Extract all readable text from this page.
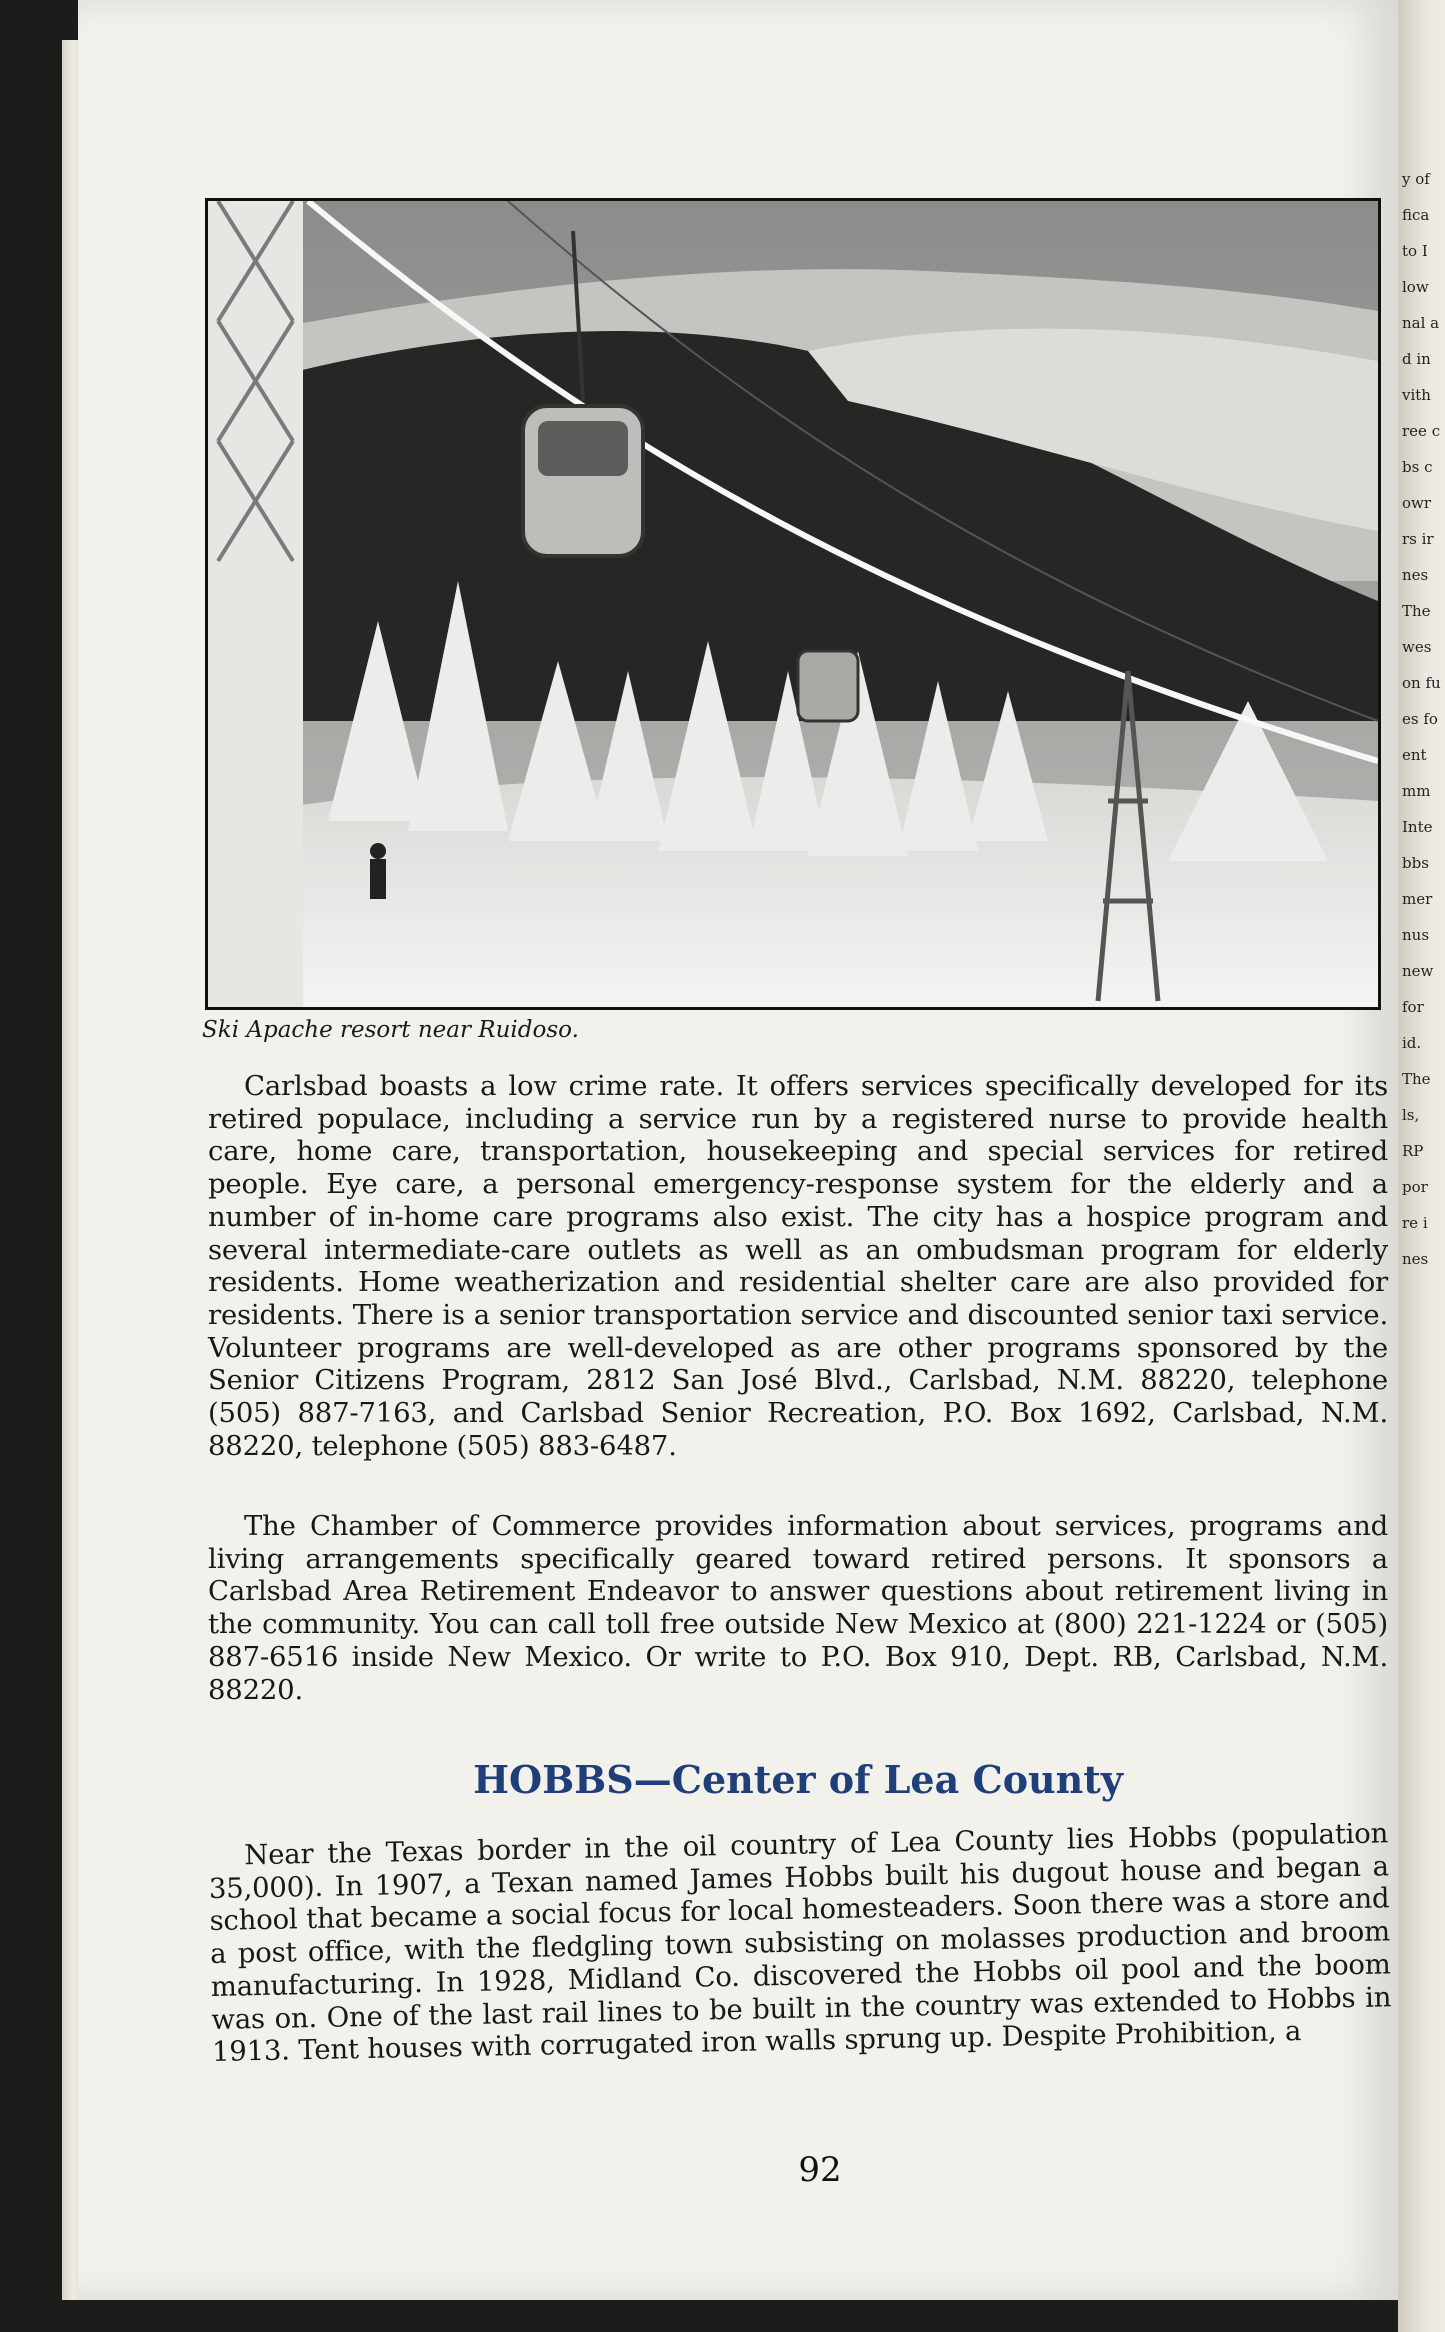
y of
fica
to I
low
nal a
d in
vith
ree c
bs c
owr
rs ir
nes
The
wes
on fu
es fo
ent
mm
Inte
bbs
mer
nus
new
for
id.
The
ls,
RP
por
re i
nes

Ski Apache resort near Ruidoso.

Carlsbad boasts a low crime rate. It offers services specifically developed for its retired populace, including a service run by a registered nurse to provide health care, home care, transportation, housekeeping and special services for retired people. Eye care, a personal emergency-response system for the elderly and a number of in-home care programs also exist. The city has a hospice program and several intermediate-care outlets as well as an ombudsman program for elderly residents. Home weatherization and residential shelter care are also provided for residents. There is a senior transportation service and discounted senior taxi service. Volunteer programs are well-developed as are other programs sponsored by the Senior Citizens Program, 2812 San José Blvd., Carlsbad, N.M. 88220, telephone (505) 887-7163, and Carlsbad Senior Recreation, P.O. Box 1692, Carlsbad, N.M. 88220, telephone (505) 883-6487.

The Chamber of Commerce provides information about services, programs and living arrangements specifically geared toward retired persons. It sponsors a Carlsbad Area Retirement Endeavor to answer questions about retirement living in the community. You can call toll free outside New Mexico at (800) 221-1224 or (505) 887-6516 inside New Mexico. Or write to P.O. Box 910, Dept. RB, Carlsbad, N.M. 88220.

HOBBS—Center of Lea County

Near the Texas border in the oil country of Lea County lies Hobbs (population 35,000). In 1907, a Texan named James Hobbs built his dugout house and began a school that became a social focus for local homesteaders. Soon there was a store and a post office, with the fledgling town subsisting on molasses production and broom manufacturing. In 1928, Midland Co. discovered the Hobbs oil pool and the boom was on. One of the last rail lines to be built in the country was extended to Hobbs in 1913. Tent houses with corrugated iron walls sprung up. Despite Prohibition, a

92
